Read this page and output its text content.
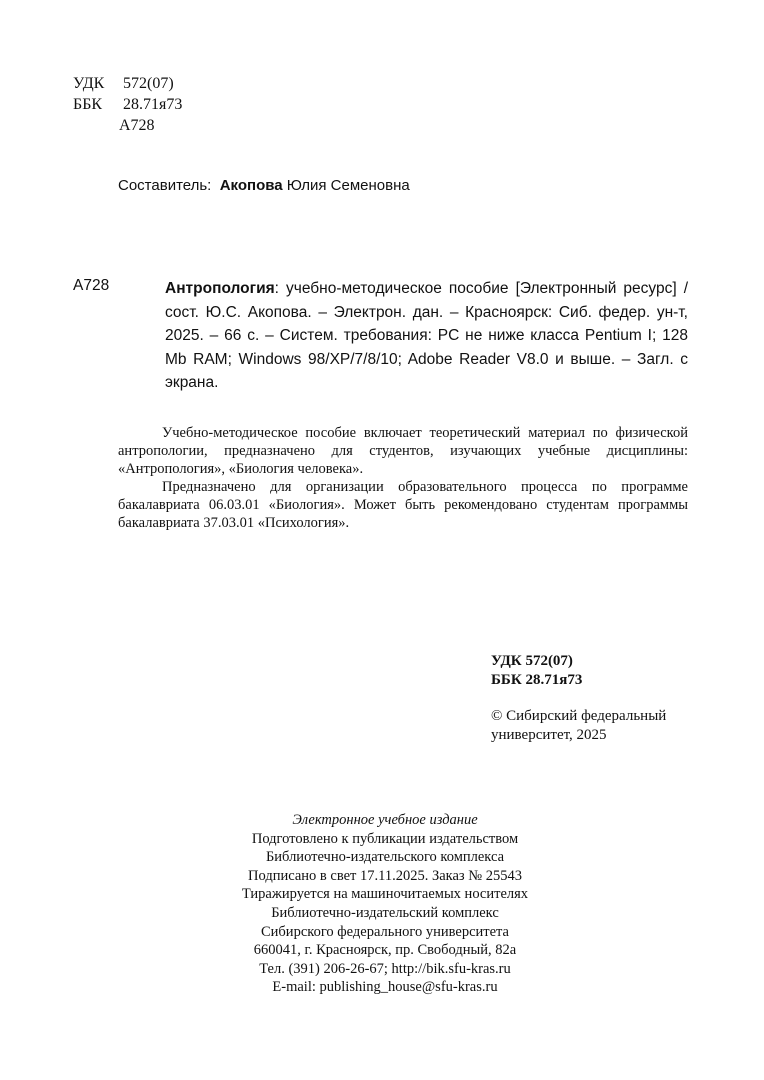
УДК 572(07)
ББК 28.71я73
А728
Составитель: Акопова Юлия Семеновна
А728	Антропология: учебно-методическое пособие [Электронный ресурс] / сост. Ю.С. Акопова. – Электрон. дан. – Красноярск: Сиб. федер. ун-т, 2025. – 66 с. – Систем. требования: PC не ниже класса Pentium I; 128 Mb RAM; Windows 98/XP/7/8/10; Adobe Reader V8.0 и выше. – Загл. с экрана.

Учебно-методическое пособие включает теоретический материал по физической антропологии, предназначено для студентов, изучающих учебные дисциплины: «Антропология», «Биология человека».

Предназначено для организации образовательного процесса по программе бакалавриата 06.03.01 «Биология». Может быть рекомендовано студентам программы бакалавриата 37.03.01 «Психология».

УДК 572(07)
ББК 28.71я73
© Сибирский федеральный
университет, 2025
Электронное учебное издание
Подготовлено к публикации издательством
Библиотечно-издательского комплекса
Подписано в свет 17.11.2025. Заказ № 25543
Тиражируется на машиночитаемых носителях
Библиотечно-издательский комплекс
Сибирского федерального университета
660041, г. Красноярск, пр. Свободный, 82а
Тел. (391) 206-26-67; http://bik.sfu-kras.ru
E-mail: publishing_house@sfu-kras.ru
